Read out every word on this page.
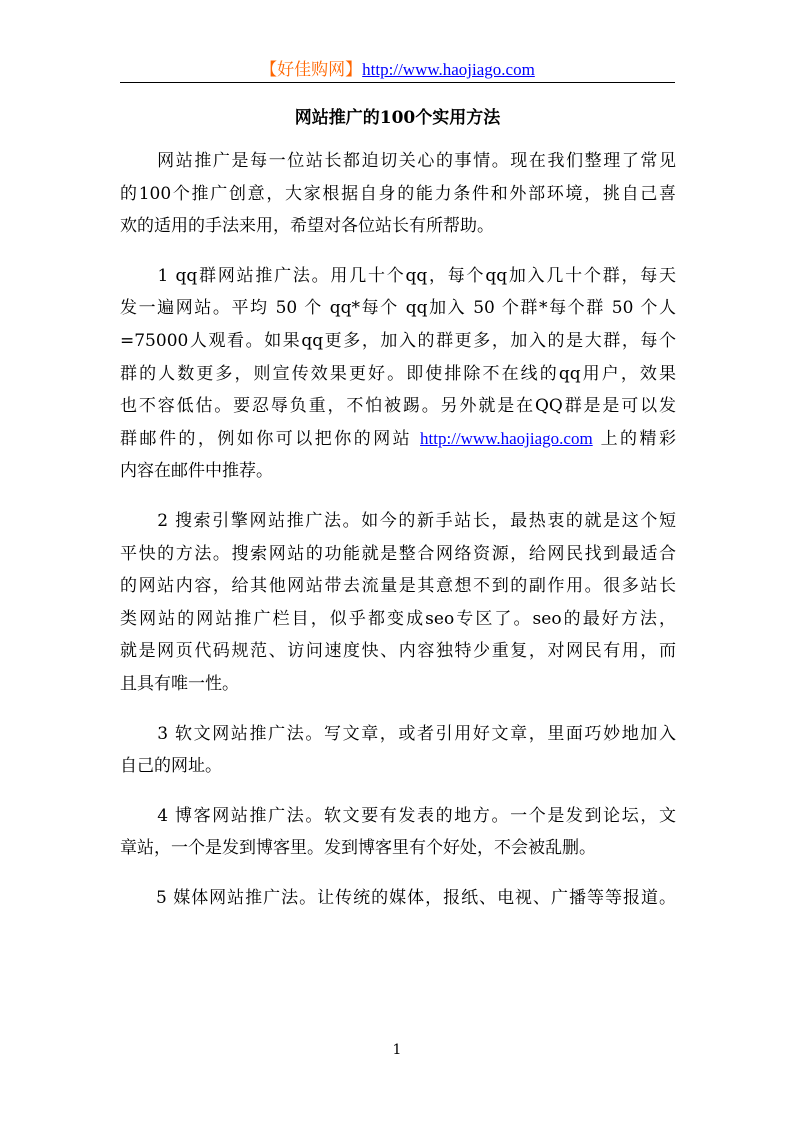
【好佳购网】http://www.haojiago.com
网站推广的100个实用方法
　　网站推广是每一位站长都迫切关心的事情。现在我们整理了常见
的100个推广创意，大家根据自身的能力条件和外部环境，挑自己喜
欢的适用的手法来用，希望对各位站长有所帮助。
　　1 qq群网站推广法。用几十个qq，每个qq加入几十个群，每天
发一遍网站。平均 50 个 qq*每个 qq加入 50 个群*每个群 50 个人
=75000人观看。如果qq更多，加入的群更多，加入的是大群，每个
群的人数更多，则宣传效果更好。即使排除不在线的qq用户，效果
也不容低估。要忍辱负重，不怕被踢。另外就是在QQ群是是可以发
群邮件的，例如你可以把你的网站 http://www.haojiago.com 上的精彩
内容在邮件中推荐。
　　2 搜索引擎网站推广法。如今的新手站长，最热衷的就是这个短
平快的方法。搜索网站的功能就是整合网络资源，给网民找到最适合
的网站内容，给其他网站带去流量是其意想不到的副作用。很多站长
类网站的网站推广栏目，似乎都变成seo专区了。seo的最好方法，
就是网页代码规范、访问速度快、内容独特少重复，对网民有用，而
且具有唯一性。
　　3 软文网站推广法。写文章，或者引用好文章，里面巧妙地加入
自己的网址。
　　4 博客网站推广法。软文要有发表的地方。一个是发到论坛，文
章站，一个是发到博客里。发到博客里有个好处，不会被乱删。
　　5 媒体网站推广法。让传统的媒体，报纸、电视、广播等等报道。
1
